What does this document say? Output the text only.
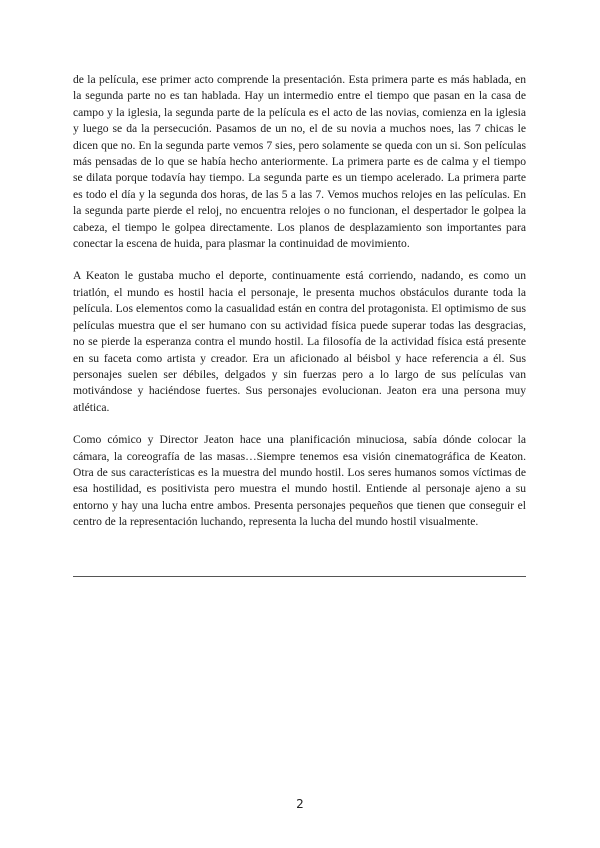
de la película, ese primer acto comprende la presentación. Esta primera parte es más hablada, en la segunda parte no es tan hablada. Hay un intermedio entre el tiempo que pasan en la casa de campo y la iglesia, la segunda parte de la película es el acto de las novias, comienza en la iglesia y luego se da la persecución. Pasamos de un no, el de su novia a muchos noes, las 7 chicas le dicen que no. En la segunda parte vemos 7 sies, pero solamente se queda con un si. Son películas más pensadas de lo que se había hecho anteriormente. La primera parte es de calma y el tiempo se dilata porque todavía hay tiempo. La segunda parte es un tiempo acelerado. La primera parte es todo el día y la segunda dos horas, de las 5 a las 7. Vemos muchos relojes en las películas. En la segunda parte pierde el reloj, no encuentra relojes o no funcionan, el despertador le golpea la cabeza, el tiempo le golpea directamente. Los planos de desplazamiento son importantes para conectar la escena de huida, para plasmar la continuidad de movimiento.

A Keaton le gustaba mucho el deporte, continuamente está corriendo, nadando, es como un triatlón, el mundo es hostil hacia el personaje, le presenta muchos obstáculos durante toda la película. Los elementos como la casualidad están en contra del protagonista. El optimismo de sus películas muestra que el ser humano con su actividad física puede superar todas las desgracias, no se pierde la esperanza contra el mundo hostil. La filosofía de la actividad física está presente en su faceta como artista y creador. Era un aficionado al béisbol y hace referencia a él. Sus personajes suelen ser débiles, delgados y sin fuerzas pero a lo largo de sus películas van motivándose y haciéndose fuertes. Sus personajes evolucionan. Jeaton era una persona muy atlética.

Como cómico y Director Jeaton hace una planificación minuciosa, sabía dónde colocar la cámara, la coreografía de las masas…Siempre tenemos esa visión cinematográfica de Keaton. Otra de sus características es la muestra del mundo hostil. Los seres humanos somos víctimas de esa hostilidad, es positivista pero muestra el mundo hostil. Entiende al personaje ajeno a su entorno y hay una lucha entre ambos. Presenta personajes pequeños que tienen que conseguir el centro de la representación luchando, representa la lucha del mundo hostil visualmente.

2
